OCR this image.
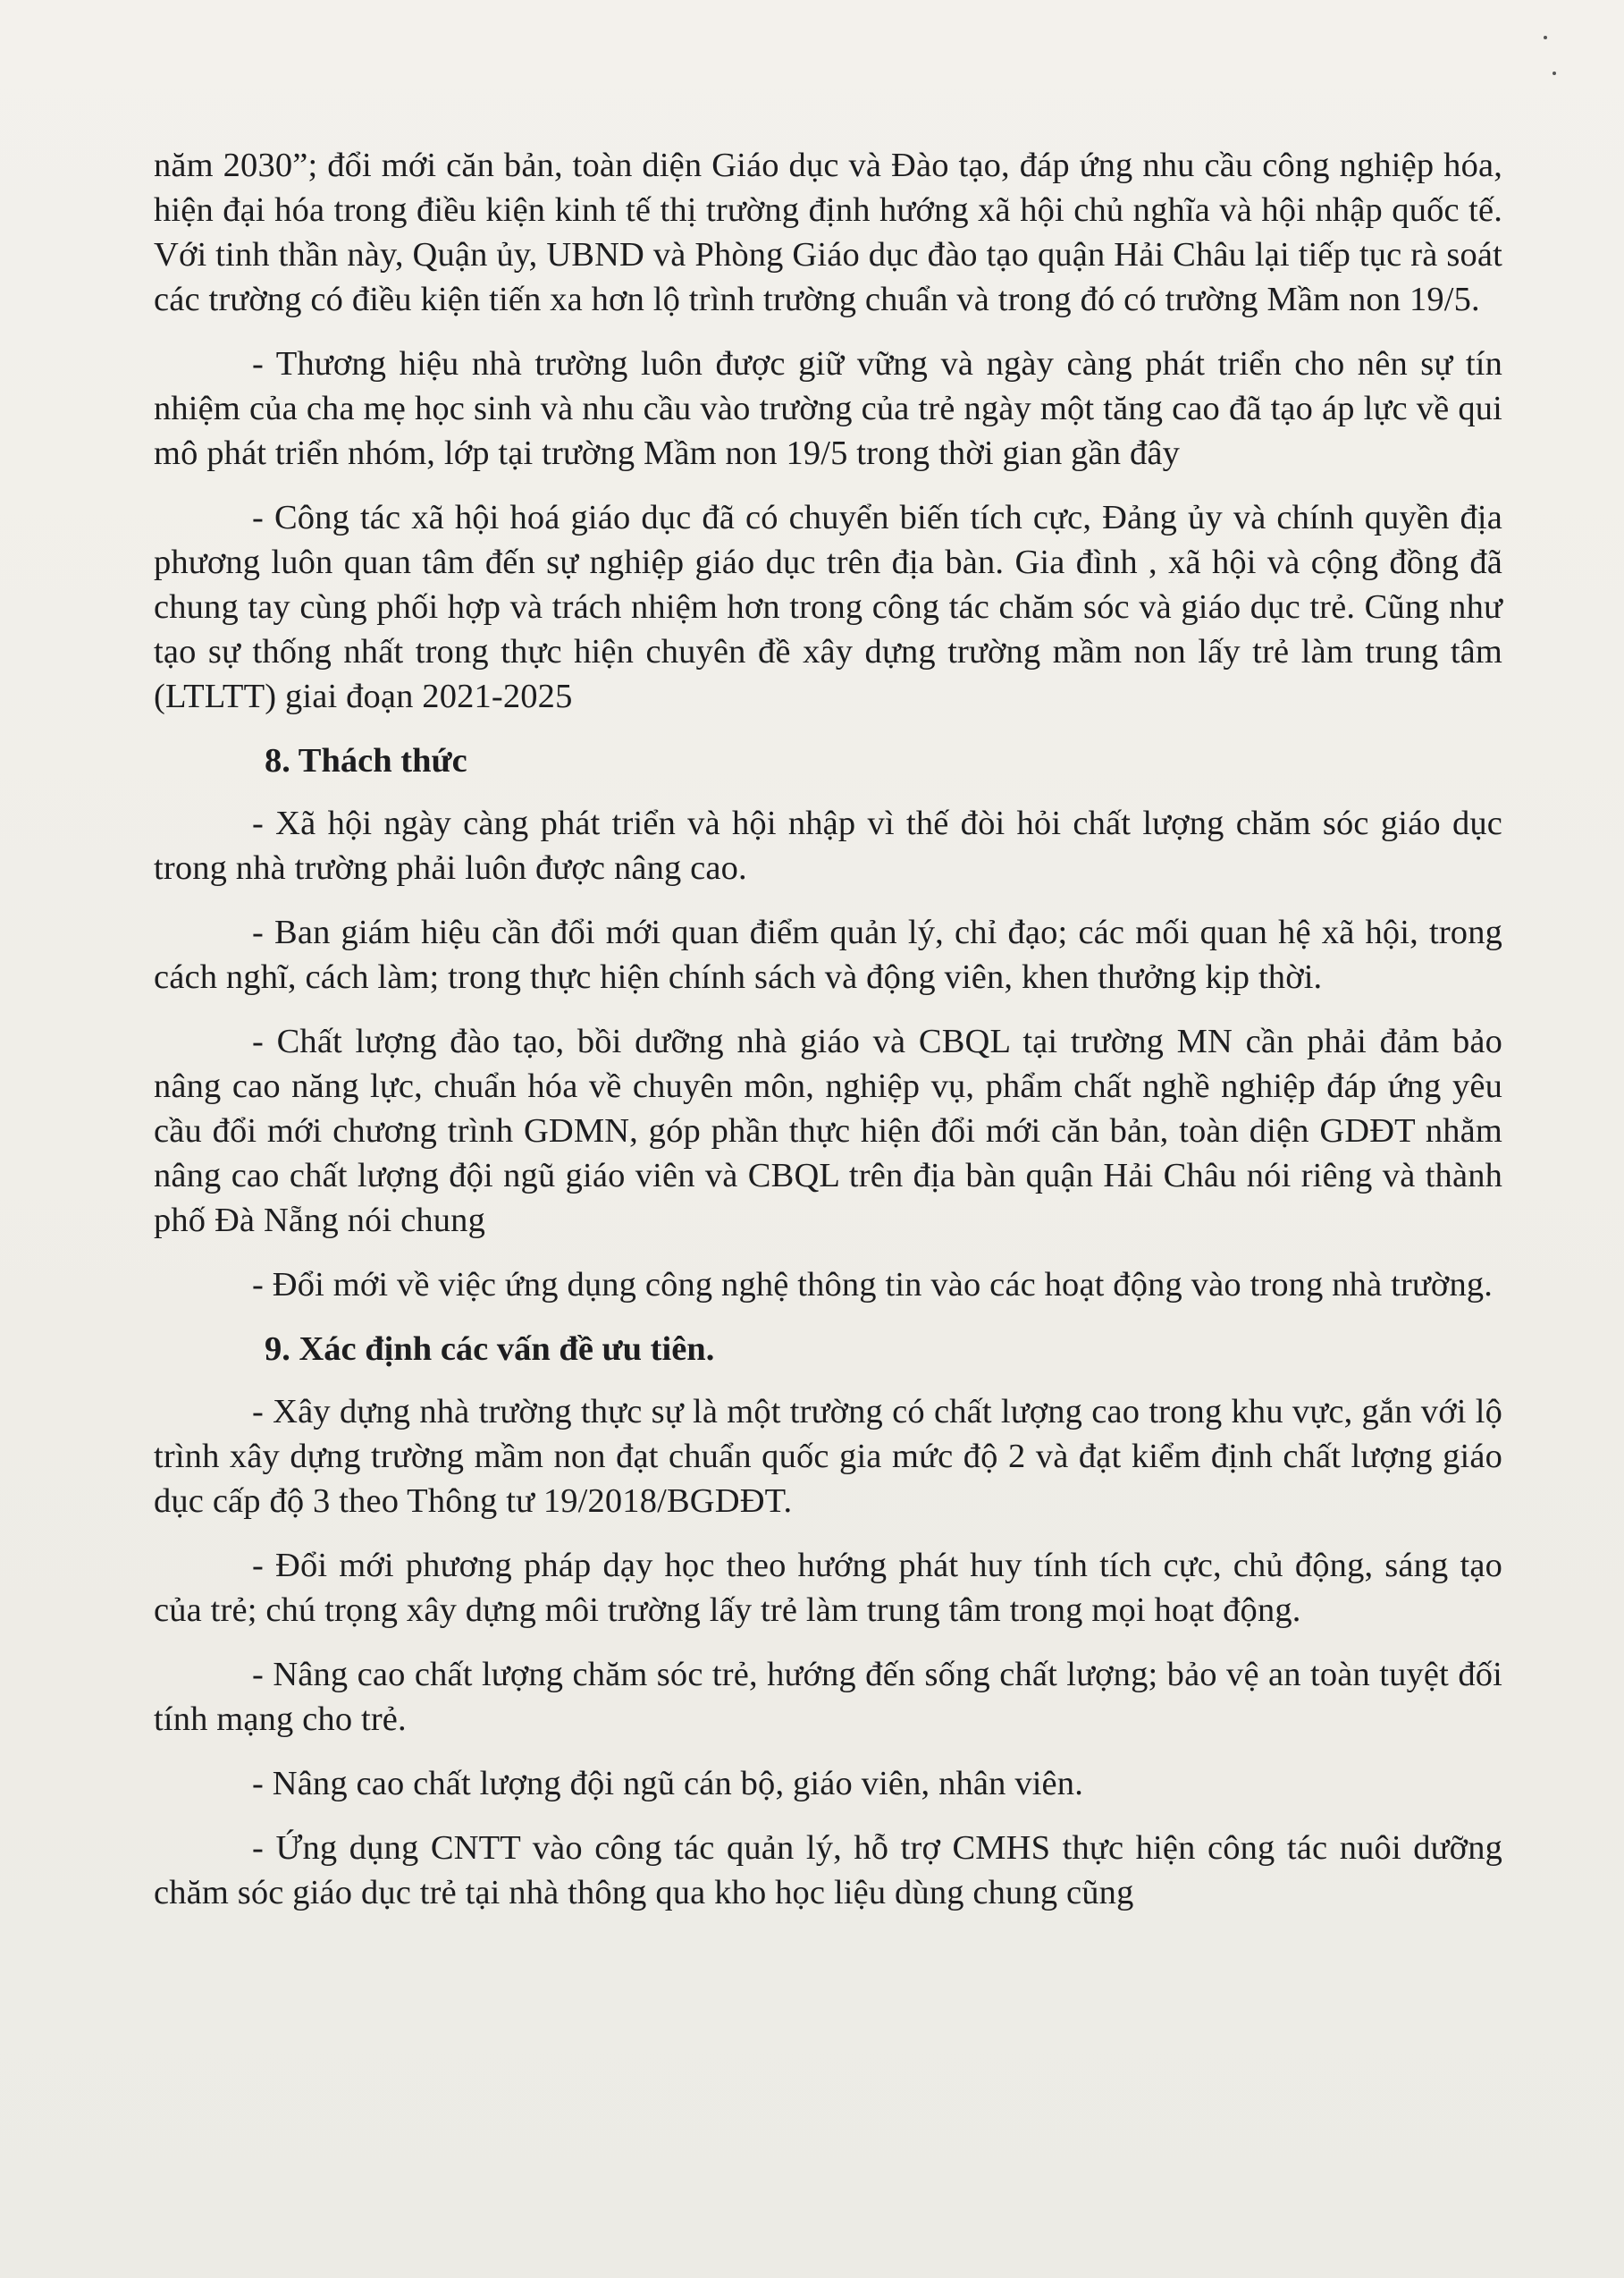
năm 2030”; đổi mới căn bản, toàn diện Giáo dục và Đào tạo, đáp ứng nhu cầu công nghiệp hóa, hiện đại hóa trong điều kiện kinh tế thị trường định hướng xã hội chủ nghĩa và hội nhập quốc tế. Với tinh thần này, Quận ủy, UBND và Phòng Giáo dục đào tạo quận Hải Châu lại tiếp tục rà soát các trường có điều kiện tiến xa hơn lộ trình trường chuẩn và trong đó có trường Mầm non 19/5.

- Thương hiệu nhà trường luôn được giữ vững và ngày càng phát triển cho nên sự tín nhiệm của cha mẹ học sinh và nhu cầu vào trường của trẻ ngày một tăng cao đã tạo áp lực về qui mô phát triển nhóm, lớp tại trường Mầm non 19/5 trong thời gian gần đây

- Công tác xã hội hoá giáo dục đã có chuyển biến tích cực, Đảng ủy và chính quyền địa phương luôn quan tâm đến sự nghiệp giáo dục trên địa bàn. Gia đình , xã hội và cộng đồng đã chung tay cùng phối hợp và trách nhiệm hơn trong công tác chăm sóc và giáo dục trẻ. Cũng như tạo sự thống nhất trong thực hiện chuyên đề xây dựng trường mầm non lấy trẻ làm trung tâm (LTLTT) giai đoạn 2021-2025

8. Thách thức

- Xã hội ngày càng phát triển và hội nhập vì thế đòi hỏi chất lượng chăm sóc giáo dục trong nhà trường phải luôn được nâng cao.

- Ban giám hiệu cần đổi mới quan điểm quản lý, chỉ đạo; các mối quan hệ xã hội, trong cách nghĩ, cách làm; trong thực hiện chính sách và động viên, khen thưởng kịp thời.

- Chất lượng đào tạo, bồi dưỡng nhà giáo và CBQL tại trường MN cần phải đảm bảo nâng cao năng lực, chuẩn hóa về chuyên môn, nghiệp vụ, phẩm chất nghề nghiệp đáp ứng yêu cầu đổi mới chương trình GDMN, góp phần thực hiện đổi mới căn bản, toàn diện GDĐT nhằm nâng cao chất lượng đội ngũ giáo viên và CBQL trên địa bàn quận Hải Châu nói riêng và thành phố Đà Nẵng nói chung

- Đổi mới về việc ứng dụng công nghệ thông tin vào các hoạt động vào trong nhà trường.

9. Xác định các vấn đề ưu tiên.

- Xây dựng nhà trường thực sự là một trường có chất lượng cao trong khu vực, gắn với lộ trình xây dựng trường mầm non đạt chuẩn quốc gia mức độ 2 và đạt kiểm định chất lượng giáo dục cấp độ 3 theo Thông tư 19/2018/BGDĐT.

- Đổi mới phương pháp dạy học theo hướng phát huy tính tích cực, chủ động, sáng tạo của trẻ; chú trọng xây dựng môi trường lấy trẻ làm trung tâm trong mọi hoạt động.

- Nâng cao chất lượng chăm sóc trẻ, hướng đến sống chất lượng; bảo vệ an toàn tuyệt đối tính mạng cho trẻ.

- Nâng cao chất lượng đội ngũ cán bộ, giáo viên, nhân viên.

- Ứng dụng CNTT vào công tác quản lý, hỗ trợ CMHS thực hiện công tác nuôi dưỡng chăm sóc giáo dục trẻ tại nhà thông qua kho học liệu dùng chung cũng
